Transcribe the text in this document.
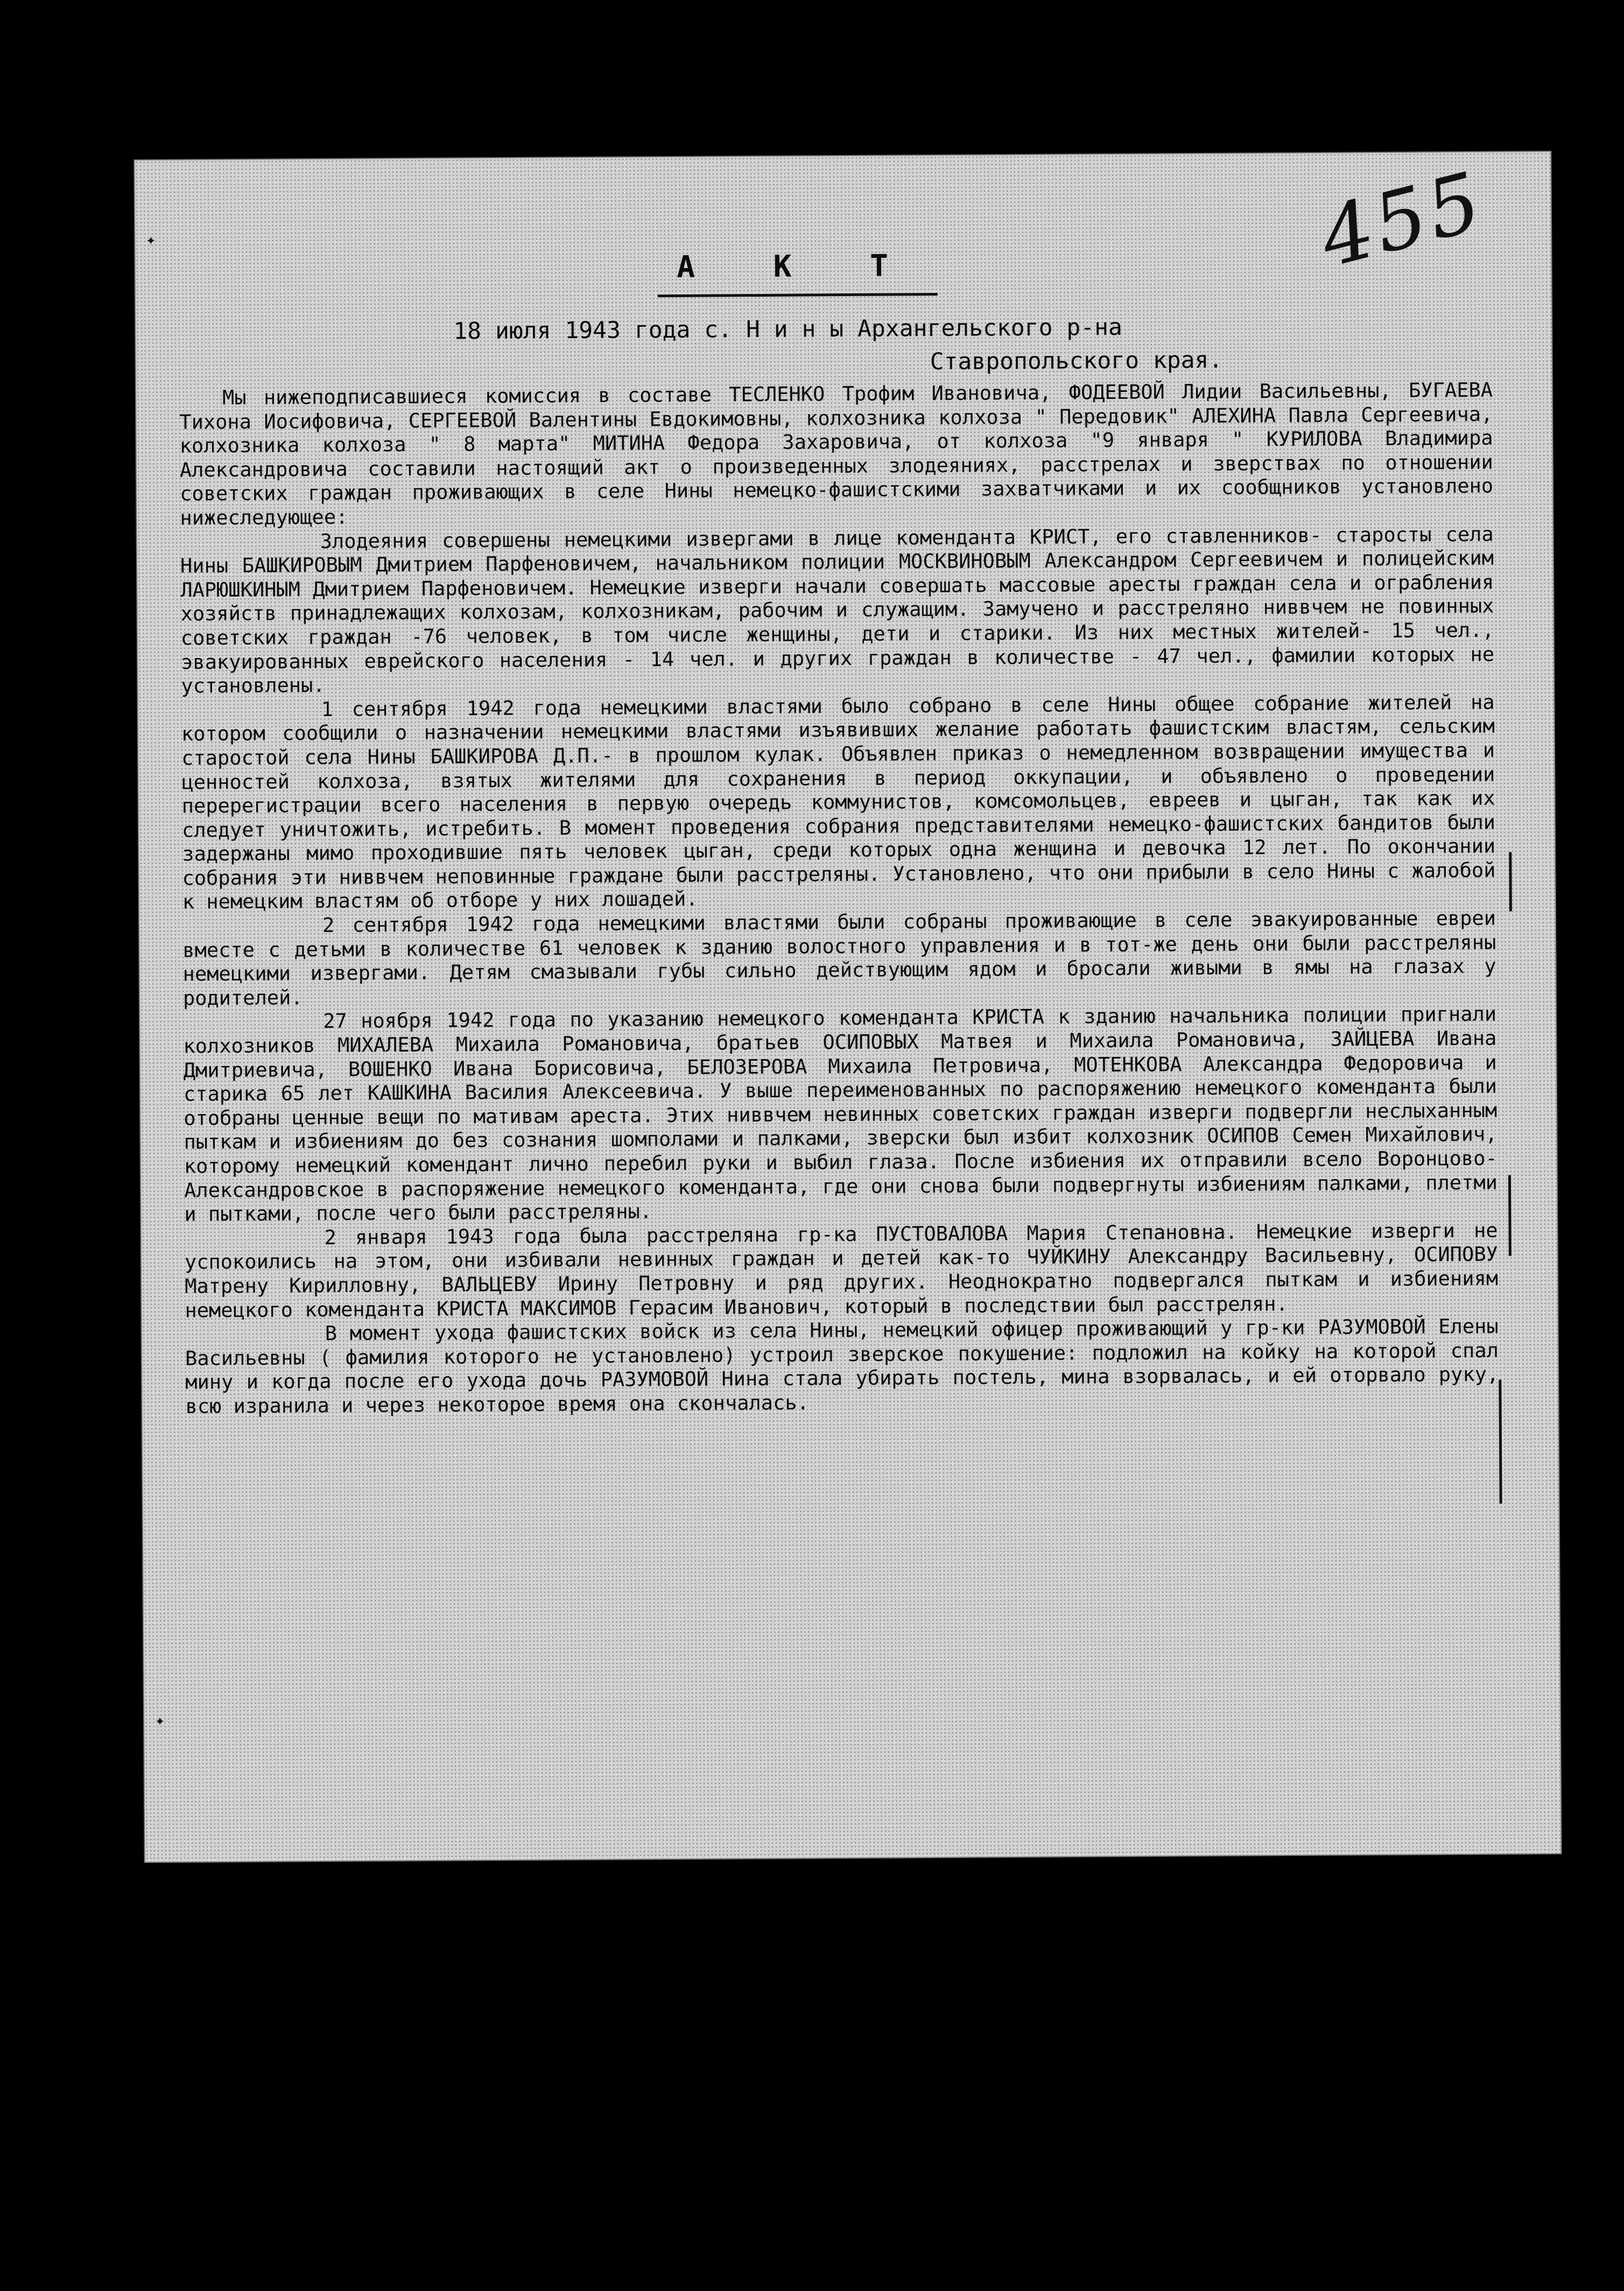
455
А К Т
18 июля 1943 года с. Н и н ы Архангельского р-на
Ставропольского края.

Мы нижеподписавшиеся комиссия в составе ТЕСЛЕНКО Трофим Ивановича, ФОДЕЕВОЙ Лидии Васильевны, БУГАЕВА Тихона Иосифовича, СЕРГЕЕВОЙ Валентины Евдокимовны, колхозника колхоза " Передовик" АЛЕХИНА Павла Сергеевича, колхозника колхоза " 8 марта" МИТИНА Федора Захаровича, от колхоза "9 января " КУРИЛОВА Владимира Александровича составили настоящий акт о произведенных злодеяниях, расстрелах и зверствах по отношении советских граждан проживающих в селе Нины немецко-фашистскими захватчиками и их сообщников установлено нижеследующее:

Злодеяния совершены немецкими извергами в лице коменданта КРИСТ, его ставленников- старосты села Нины БАШКИРОВЫМ Дмитрием Парфеновичем, начальником полиции МОСКВИНОВЫМ Александром Сергеевичем и полицейским ЛАРЮШКИНЫМ Дмитрием Парфеновичем. Немецкие изверги начали совершать массовые аресты граждан села и ограбления хозяйств принадлежащих колхозам, колхозникам, рабочим и служащим. Замучено и расстреляно ниввчем не повинных советских граждан -76 человек, в том числе женщины, дети и старики. Из них местных жителей- 15 чел., эвакуированных еврейского населения - 14 чел. и других граждан в количестве - 47 чел., фамилии которых не установлены.

1 сентября 1942 года немецкими властями было собрано в селе Нины общее собрание жителей на котором сообщили о назначении немецкими властями изъявивших желание работать фашистским властям, сельским старостой села Нины БАШКИРОВА Д.П.- в прошлом кулак. Объявлен приказ о немедленном возвращении имущества и ценностей колхоза, взятых жителями для сохранения в период оккупации, и объявлено о проведении перерегистрации всего населения в первую очередь коммунистов, комсомольцев, евреев и цыган, так как их следует уничтожить, истребить. В момент проведения собрания представителями немецко-фашистских бандитов были задержаны мимо проходившие пять человек цыган, среди которых одна женщина и девочка 12 лет. По окончании собрания эти ниввчем неповинные граждане были расстреляны. Установлено, что они прибыли в село Нины с жалобой к немецким властям об отборе у них лошадей.

2 сентября 1942 года немецкими властями были собраны проживающие в селе эвакуированные евреи вместе с детьми в количестве 61 человек к зданию волостного управления и в тот-же день они были расстреляны немецкими извергами. Детям смазывали губы сильно действующим ядом и бросали живыми в ямы на глазах у родителей.

27 ноября 1942 года по указанию немецкого коменданта КРИСТА к зданию начальника полиции пригнали колхозников МИХАЛЕВА Михаила Романовича, братьев ОСИПОВЫХ Матвея и Михаила Романовича, ЗАЙЦЕВА Ивана Дмитриевича, ВОШЕНКО Ивана Борисовича, БЕЛОЗЕРОВА Михаила Петровича, МОТЕНКОВА Александра Федоровича и старика 65 лет КАШКИНА Василия Алексеевича. У выше переименованных по распоряжению немецкого коменданта были отобраны ценные вещи по мативам ареста. Этих ниввчем невинных советских граждан изверги подвергли неслыханным пыткам и избиениям до без сознания шомполами и палками, зверски был избит колхозник ОСИПОВ Семен Михайлович, которому немецкий комендант лично перебил руки и выбил глаза. После избиения их отправили всело Воронцово-Александровское в распоряжение немецкого коменданта, где они снова были подвергнуты избиениям палками, плетми и пытками, после чего были расстреляны.

2 января 1943 года была расстреляна гр-ка ПУСТОВАЛОВА Мария Степановна. Немецкие изверги не успокоились на этом, они избивали невинных граждан и детей как-то ЧУЙКИНУ Александру Васильевну, ОСИПОВУ Матрену Кирилловну, ВАЛЬЦЕВУ Ирину Петровну и ряд других. Неоднократно подвергался пыткам и избиениям немецкого коменданта КРИСТА МАКСИМОВ Герасим Иванович, который в последствии был расстрелян.

В момент ухода фашистских войск из села Нины, немецкий офицер проживающий у гр-ки РАЗУМОВОЙ Елены Васильевны ( фамилия которого не установлено) устроил зверское покушение: подложил на койку на которой спал мину и когда после его ухода дочь РАЗУМОВОЙ Нина стала убирать постель, мина взорвалась, и ей оторвало руку, всю изранила и через некоторое время она скончалась.

✦
✦
